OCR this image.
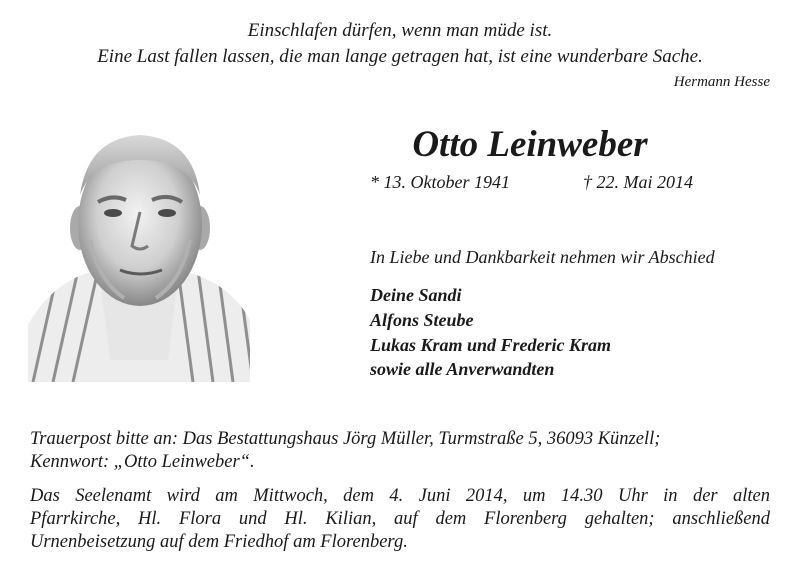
Einschlafen dürfen, wenn man müde ist.
Eine Last fallen lassen, die man lange getragen hat, ist eine wunderbare Sache.
Hermann Hesse
Otto Leinweber
* 13. Oktober 1941	† 22. Mai 2014
In Liebe und Dankbarkeit nehmen wir Abschied
Deine Sandi
Alfons Steube
Lukas Kram und Frederic Kram
sowie alle Anverwandten
Trauerpost bitte an: Das Bestattungshaus Jörg Müller, Turmstraße 5, 36093 Künzell;
Kennwort: „Otto Leinweber“.
Das Seelenamt wird am Mittwoch, dem 4. Juni 2014, um 14.30 Uhr in der alten
Pfarrkirche, Hl. Flora und Hl. Kilian, auf dem Florenberg gehalten; anschließend
Urnenbeisetzung auf dem Friedhof am Florenberg.
